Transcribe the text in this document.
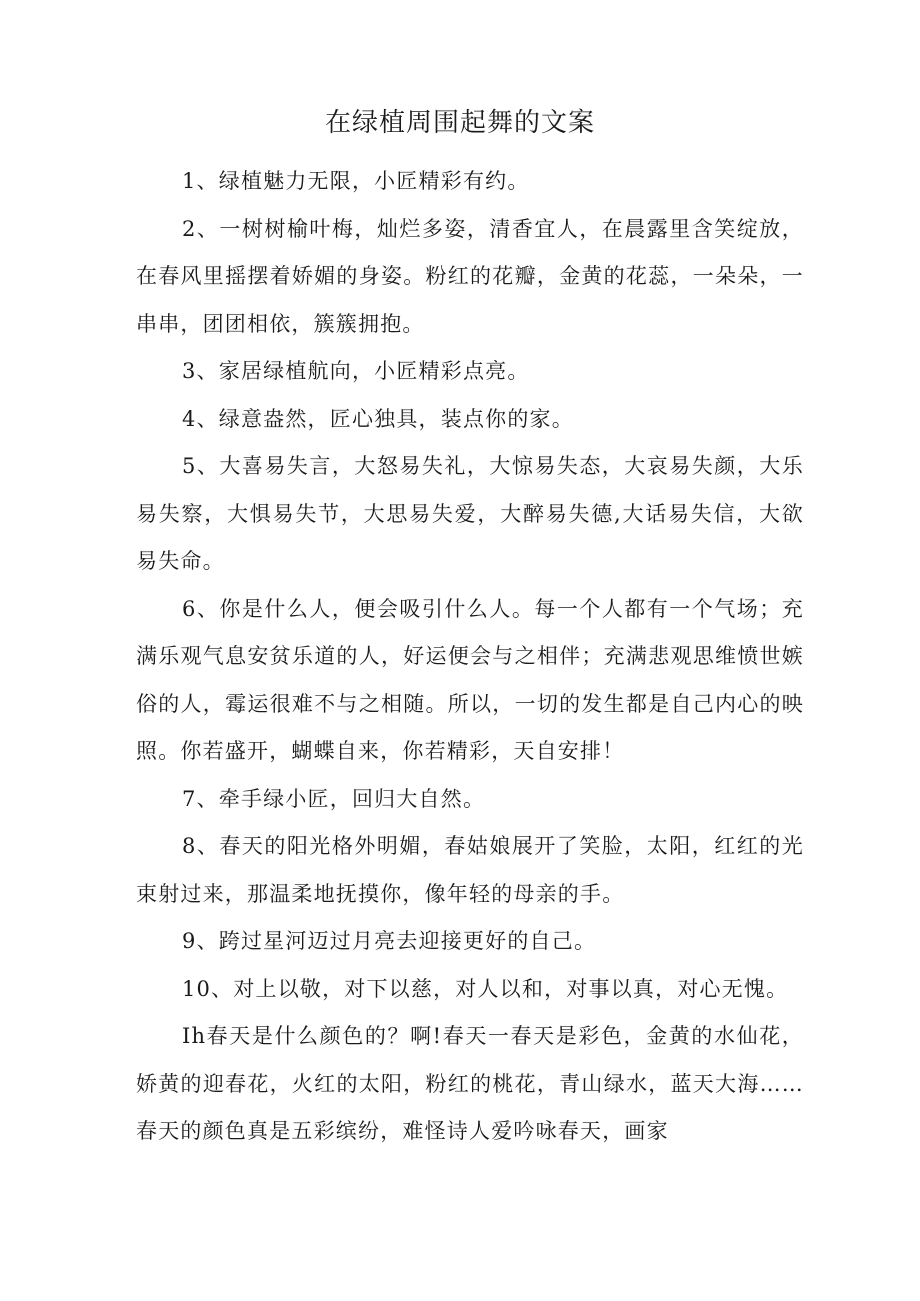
在绿植周围起舞的文案

1、绿植魅力无限，小匠精彩有约。

2、一树树榆叶梅，灿烂多姿，清香宜人，在晨露里含笑绽放，在春风里摇摆着娇媚的身姿。粉红的花瓣，金黄的花蕊，一朵朵，一串串，团团相依，簇簇拥抱。

3、家居绿植航向，小匠精彩点亮。

4、绿意盎然，匠心独具，装点你的家。

5、大喜易失言，大怒易失礼，大惊易失态，大哀易失颜，大乐易失察，大惧易失节，大思易失爱，大醉易失德,大话易失信，大欲易失命。

6、你是什么人，便会吸引什么人。每一个人都有一个气场；充满乐观气息安贫乐道的人，好运便会与之相伴；充满悲观思维愤世嫉俗的人，霉运很难不与之相随。所以，一切的发生都是自己内心的映照。你若盛开，蝴蝶自来，你若精彩，天自安排！

7、牵手绿小匠，回归大自然。

8、春天的阳光格外明媚，春姑娘展开了笑脸，太阳，红红的光束射过来，那温柔地抚摸你，像年轻的母亲的手。

9、跨过星河迈过月亮去迎接更好的自己。

10、对上以敬，对下以慈，对人以和，对事以真，对心无愧。

Ih春天是什么颜色的？啊!春天一春天是彩色，金黄的水仙花，娇黄的迎春花，火红的太阳，粉红的桃花，青山绿水，蓝天大海……春天的颜色真是五彩缤纷，难怪诗人爱吟咏春天，画家
